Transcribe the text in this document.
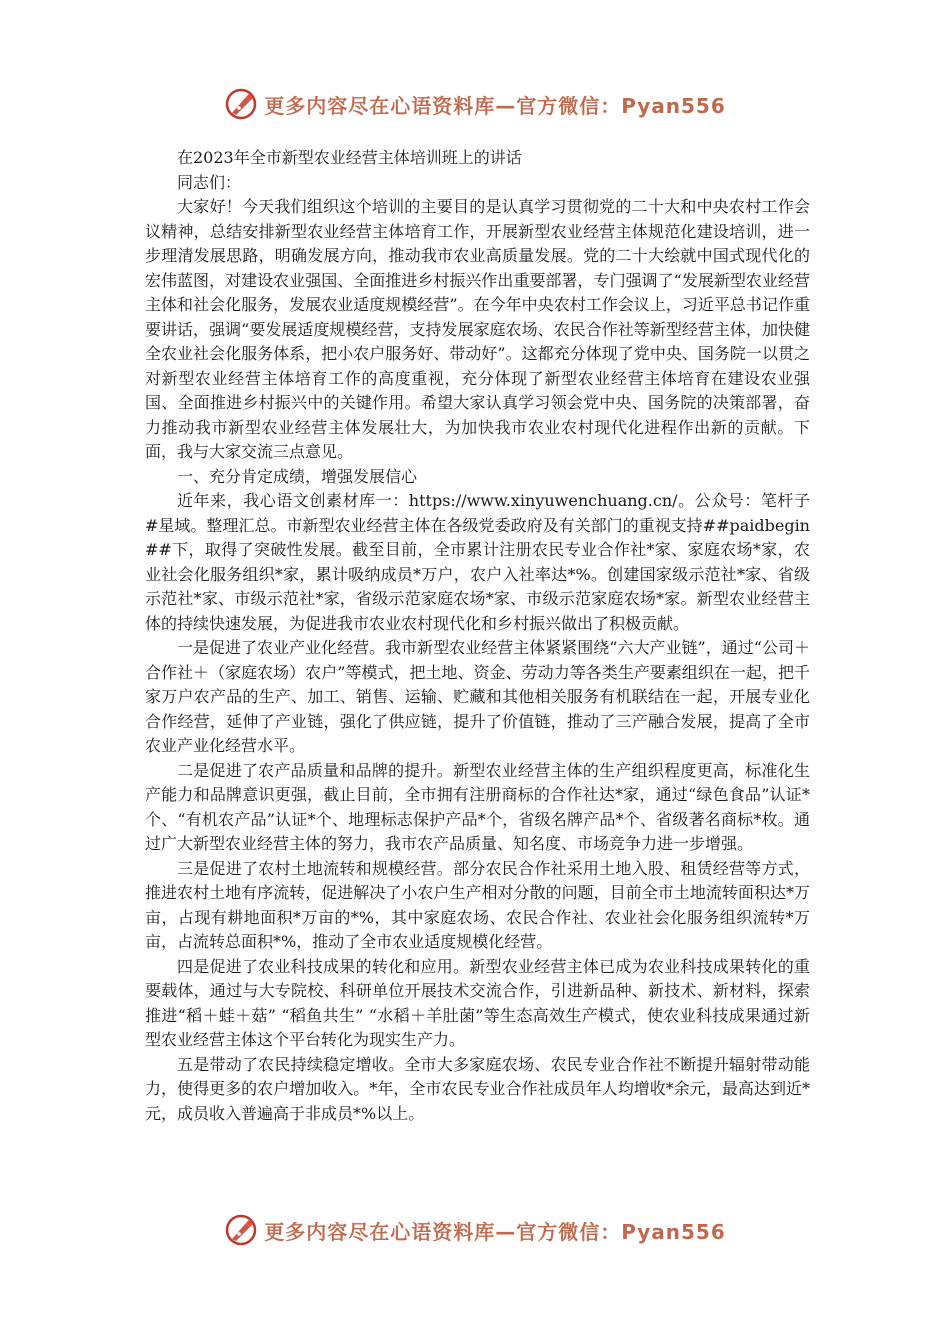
更多内容尽在心语资料库—官方微信：Pyan556

在2023年全市新型农业经营主体培训班上的讲话

同志们：

大家好！今天我们组织这个培训的主要目的是认真学习贯彻党的二十大和中央农村工作会议精神，总结安排新型农业经营主体培育工作，开展新型农业经营主体规范化建设培训，进一步理清发展思路，明确发展方向，推动我市农业高质量发展。党的二十大绘就中国式现代化的宏伟蓝图，对建设农业强国、全面推进乡村振兴作出重要部署，专门强调了“发展新型农业经营主体和社会化服务，发展农业适度规模经营”。在今年中央农村工作会议上，习近平总书记作重要讲话，强调“要发展适度规模经营，支持发展家庭农场、农民合作社等新型经营主体，加快健全农业社会化服务体系，把小农户服务好、带动好”。这都充分体现了党中央、国务院一以贯之对新型农业经营主体培育工作的高度重视，充分体现了新型农业经营主体培育在建设农业强国、全面推进乡村振兴中的关键作用。希望大家认真学习领会党中央、国务院的决策部署，奋力推动我市新型农业经营主体发展壮大，为加快我市农业农村现代化进程作出新的贡献。下面，我与大家交流三点意见。

一、充分肯定成绩，增强发展信心

近年来，我心语文创素材库一：https://www.xinyuwenchuang.cn/。公众号：笔杆子#星域。整理汇总。市新型农业经营主体在各级党委政府及有关部门的重视支持##paidbegin##下，取得了突破性发展。截至目前，全市累计注册农民专业合作社*家、家庭农场*家，农业社会化服务组织*家，累计吸纳成员*万户，农户入社率达*%。创建国家级示范社*家、省级示范社*家、市级示范社*家，省级示范家庭农场*家、市级示范家庭农场*家。新型农业经营主体的持续快速发展，为促进我市农业农村现代化和乡村振兴做出了积极贡献。

一是促进了农业产业化经营。我市新型农业经营主体紧紧围绕“六大产业链”，通过“公司＋合作社＋（家庭农场）农户”等模式，把土地、资金、劳动力等各类生产要素组织在一起，把千家万户农产品的生产、加工、销售、运输、贮藏和其他相关服务有机联结在一起，开展专业化合作经营，延伸了产业链，强化了供应链，提升了价值链，推动了三产融合发展，提高了全市农业产业化经营水平。

二是促进了农产品质量和品牌的提升。新型农业经营主体的生产组织程度更高，标准化生产能力和品牌意识更强，截止目前，全市拥有注册商标的合作社达*家，通过“绿色食品”认证*个、“有机农产品”认证*个、地理标志保护产品*个，省级名牌产品*个、省级著名商标*枚。通过广大新型农业经营主体的努力，我市农产品质量、知名度、市场竞争力进一步增强。

三是促进了农村土地流转和规模经营。部分农民合作社采用土地入股、租赁经营等方式，推进农村土地有序流转，促进解决了小农户生产相对分散的问题，目前全市土地流转面积达*万亩，占现有耕地面积*万亩的*%，其中家庭农场、农民合作社、农业社会化服务组织流转*万亩，占流转总面积*%，推动了全市农业适度规模化经营。

四是促进了农业科技成果的转化和应用。新型农业经营主体已成为农业科技成果转化的重要载体，通过与大专院校、科研单位开展技术交流合作，引进新品种、新技术、新材料，探索推进“稻＋蛙＋菇” “稻鱼共生” “水稻＋羊肚菌”等生态高效生产模式，使农业科技成果通过新型农业经营主体这个平台转化为现实生产力。

五是带动了农民持续稳定增收。全市大多家庭农场、农民专业合作社不断提升辐射带动能力，使得更多的农户增加收入。*年，全市农民专业合作社成员年人均增收*余元，最高达到近*元，成员收入普遍高于非成员*%以上。

更多内容尽在心语资料库—官方微信：Pyan556
